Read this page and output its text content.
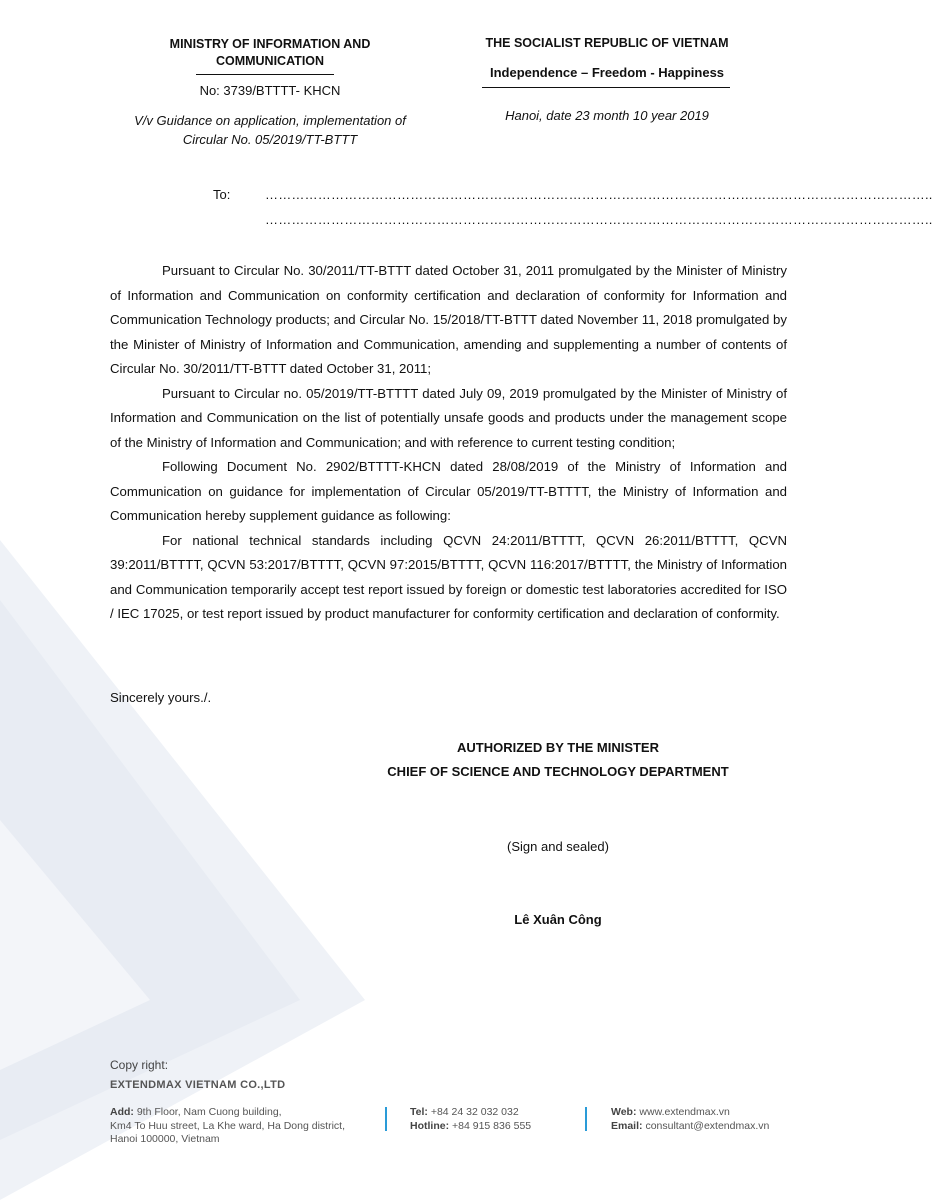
MINISTRY OF INFORMATION AND COMMUNICATION
No: 3739/BTTTT- KHCN
V/v Guidance on application, implementation of Circular No. 05/2019/TT-BTTT
THE SOCIALIST REPUBLIC OF VIETNAM
Independence – Freedom - Happiness
Hanoi, date 23 month 10 year 2019
To:	……………………………………………………………………………………………………………………………………..
……………………………………………………………………………………………………………………………………..

Pursuant to Circular No. 30/2011/TT-BTTT dated October 31, 2011 promulgated by the Minister of Ministry of Information and Communication on conformity certification and declaration of conformity for Information and Communication Technology products; and Circular No. 15/2018/TT-BTTT dated November 11, 2018 promulgated by the Minister of Ministry of Information and Communication, amending and supplementing a number of contents of Circular No. 30/2011/TT-BTTT dated October 31, 2011;

Pursuant to Circular no. 05/2019/TT-BTTTT dated July 09, 2019 promulgated by the Minister of Ministry of Information and Communication on the list of potentially unsafe goods and products under the management scope of the Ministry of Information and Communication; and with reference to current testing condition;

Following Document No. 2902/BTTTT-KHCN dated 28/08/2019 of the Ministry of Information and Communication on guidance for implementation of Circular 05/2019/TT-BTTTT, the Ministry of Information and Communication hereby supplement guidance as following:

For national technical standards including QCVN 24:2011/BTTTT, QCVN 26:2011/BTTTT, QCVN 39:2011/BTTTT, QCVN 53:2017/BTTTT, QCVN 97:2015/BTTTT, QCVN 116:2017/BTTTT, the Ministry of Information and Communication temporarily accept test report issued by foreign or domestic test laboratories accredited for ISO / IEC 17025, or test report issued by product manufacturer for conformity certification and declaration of conformity.

Sincerely yours./.
AUTHORIZED BY THE MINISTER
CHIEF OF SCIENCE AND TECHNOLOGY DEPARTMENT
(Sign and sealed)
Lê Xuân Công
Copy right:
EXTENDMAX VIETNAM CO.,LTD
Add: 9th Floor, Nam Cuong building,
Km4 To Huu street, La Khe ward, Ha Dong district,
Hanoi 100000, Vietnam
Tel: +84 24 32 032 032
Hotline: +84 915 836 555
Web: www.extendmax.vn
Email: consultant@extendmax.vn
